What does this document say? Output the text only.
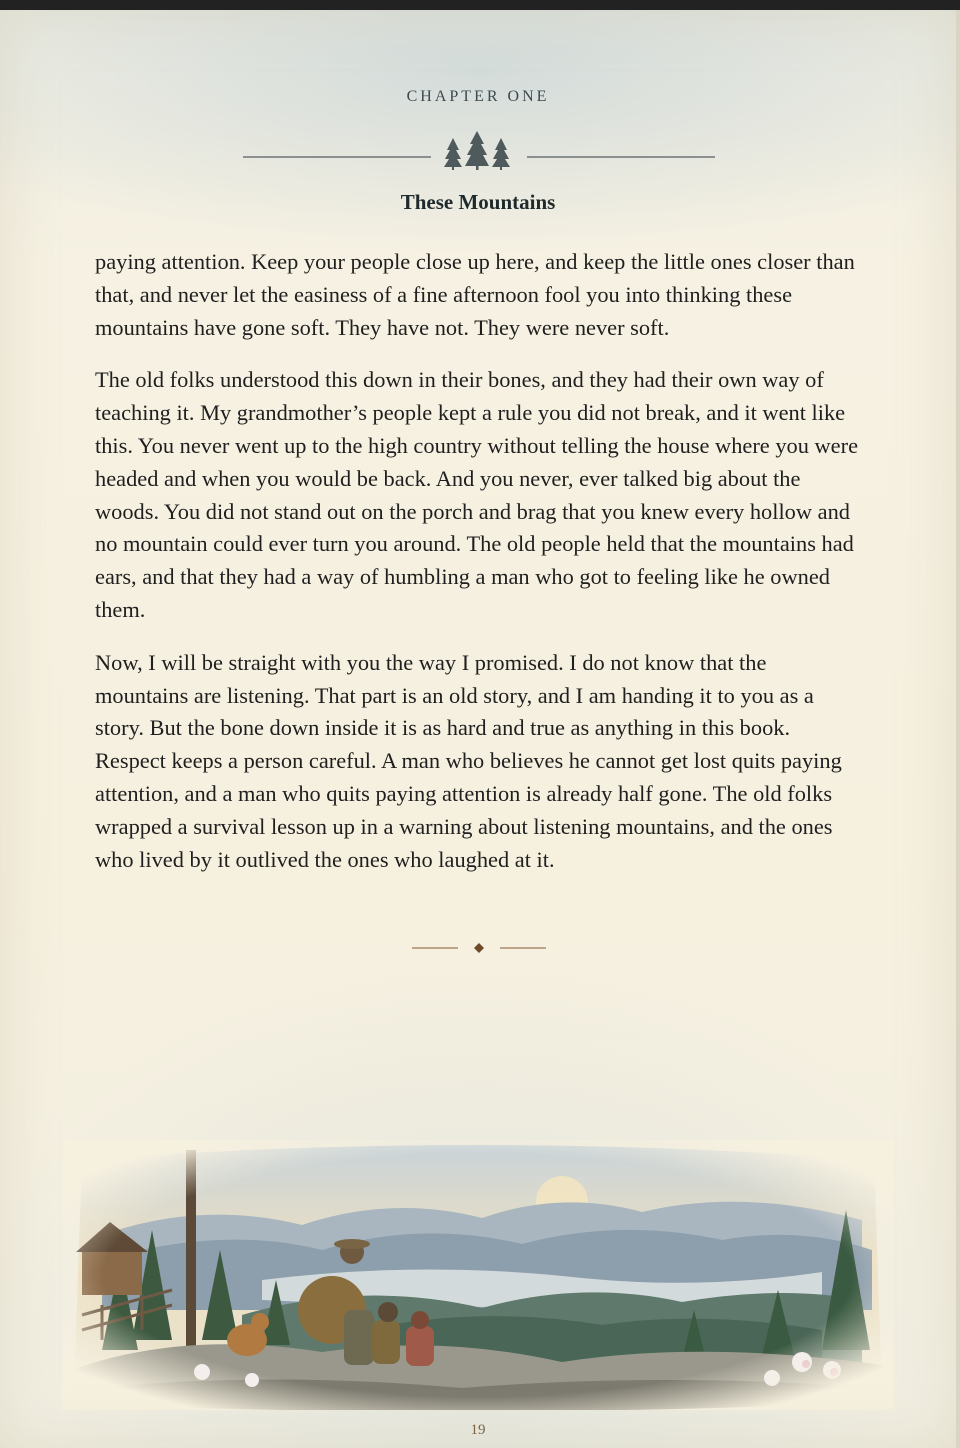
CHAPTER ONE
These Mountains

paying attention. Keep your people close up here, and keep the little ones closer than that, and never let the easiness of a fine afternoon fool you into thinking these mountains have gone soft. They have not. They were never soft.

The old folks understood this down in their bones, and they had their own way of teaching it. My grandmother’s people kept a rule you did not break, and it went like this. You never went up to the high country without telling the house where you were headed and when you would be back. And you never, ever talked big about the woods. You did not stand out on the porch and brag that you knew every hollow and no mountain could ever turn you around. The old people held that the mountains had ears, and that they had a way of humbling a man who got to feeling like he owned them.

Now, I will be straight with you the way I promised. I do not know that the mountains are listening. That part is an old story, and I am handing it to you as a story. But the bone down inside it is as hard and true as anything in this book. Respect keeps a person careful. A man who believes he cannot get lost quits paying attention, and a man who quits paying attention is already half gone. The old folks wrapped a survival lesson up in a warning about listening mountains, and the ones who lived by it outlived the ones who laughed at it.

19
